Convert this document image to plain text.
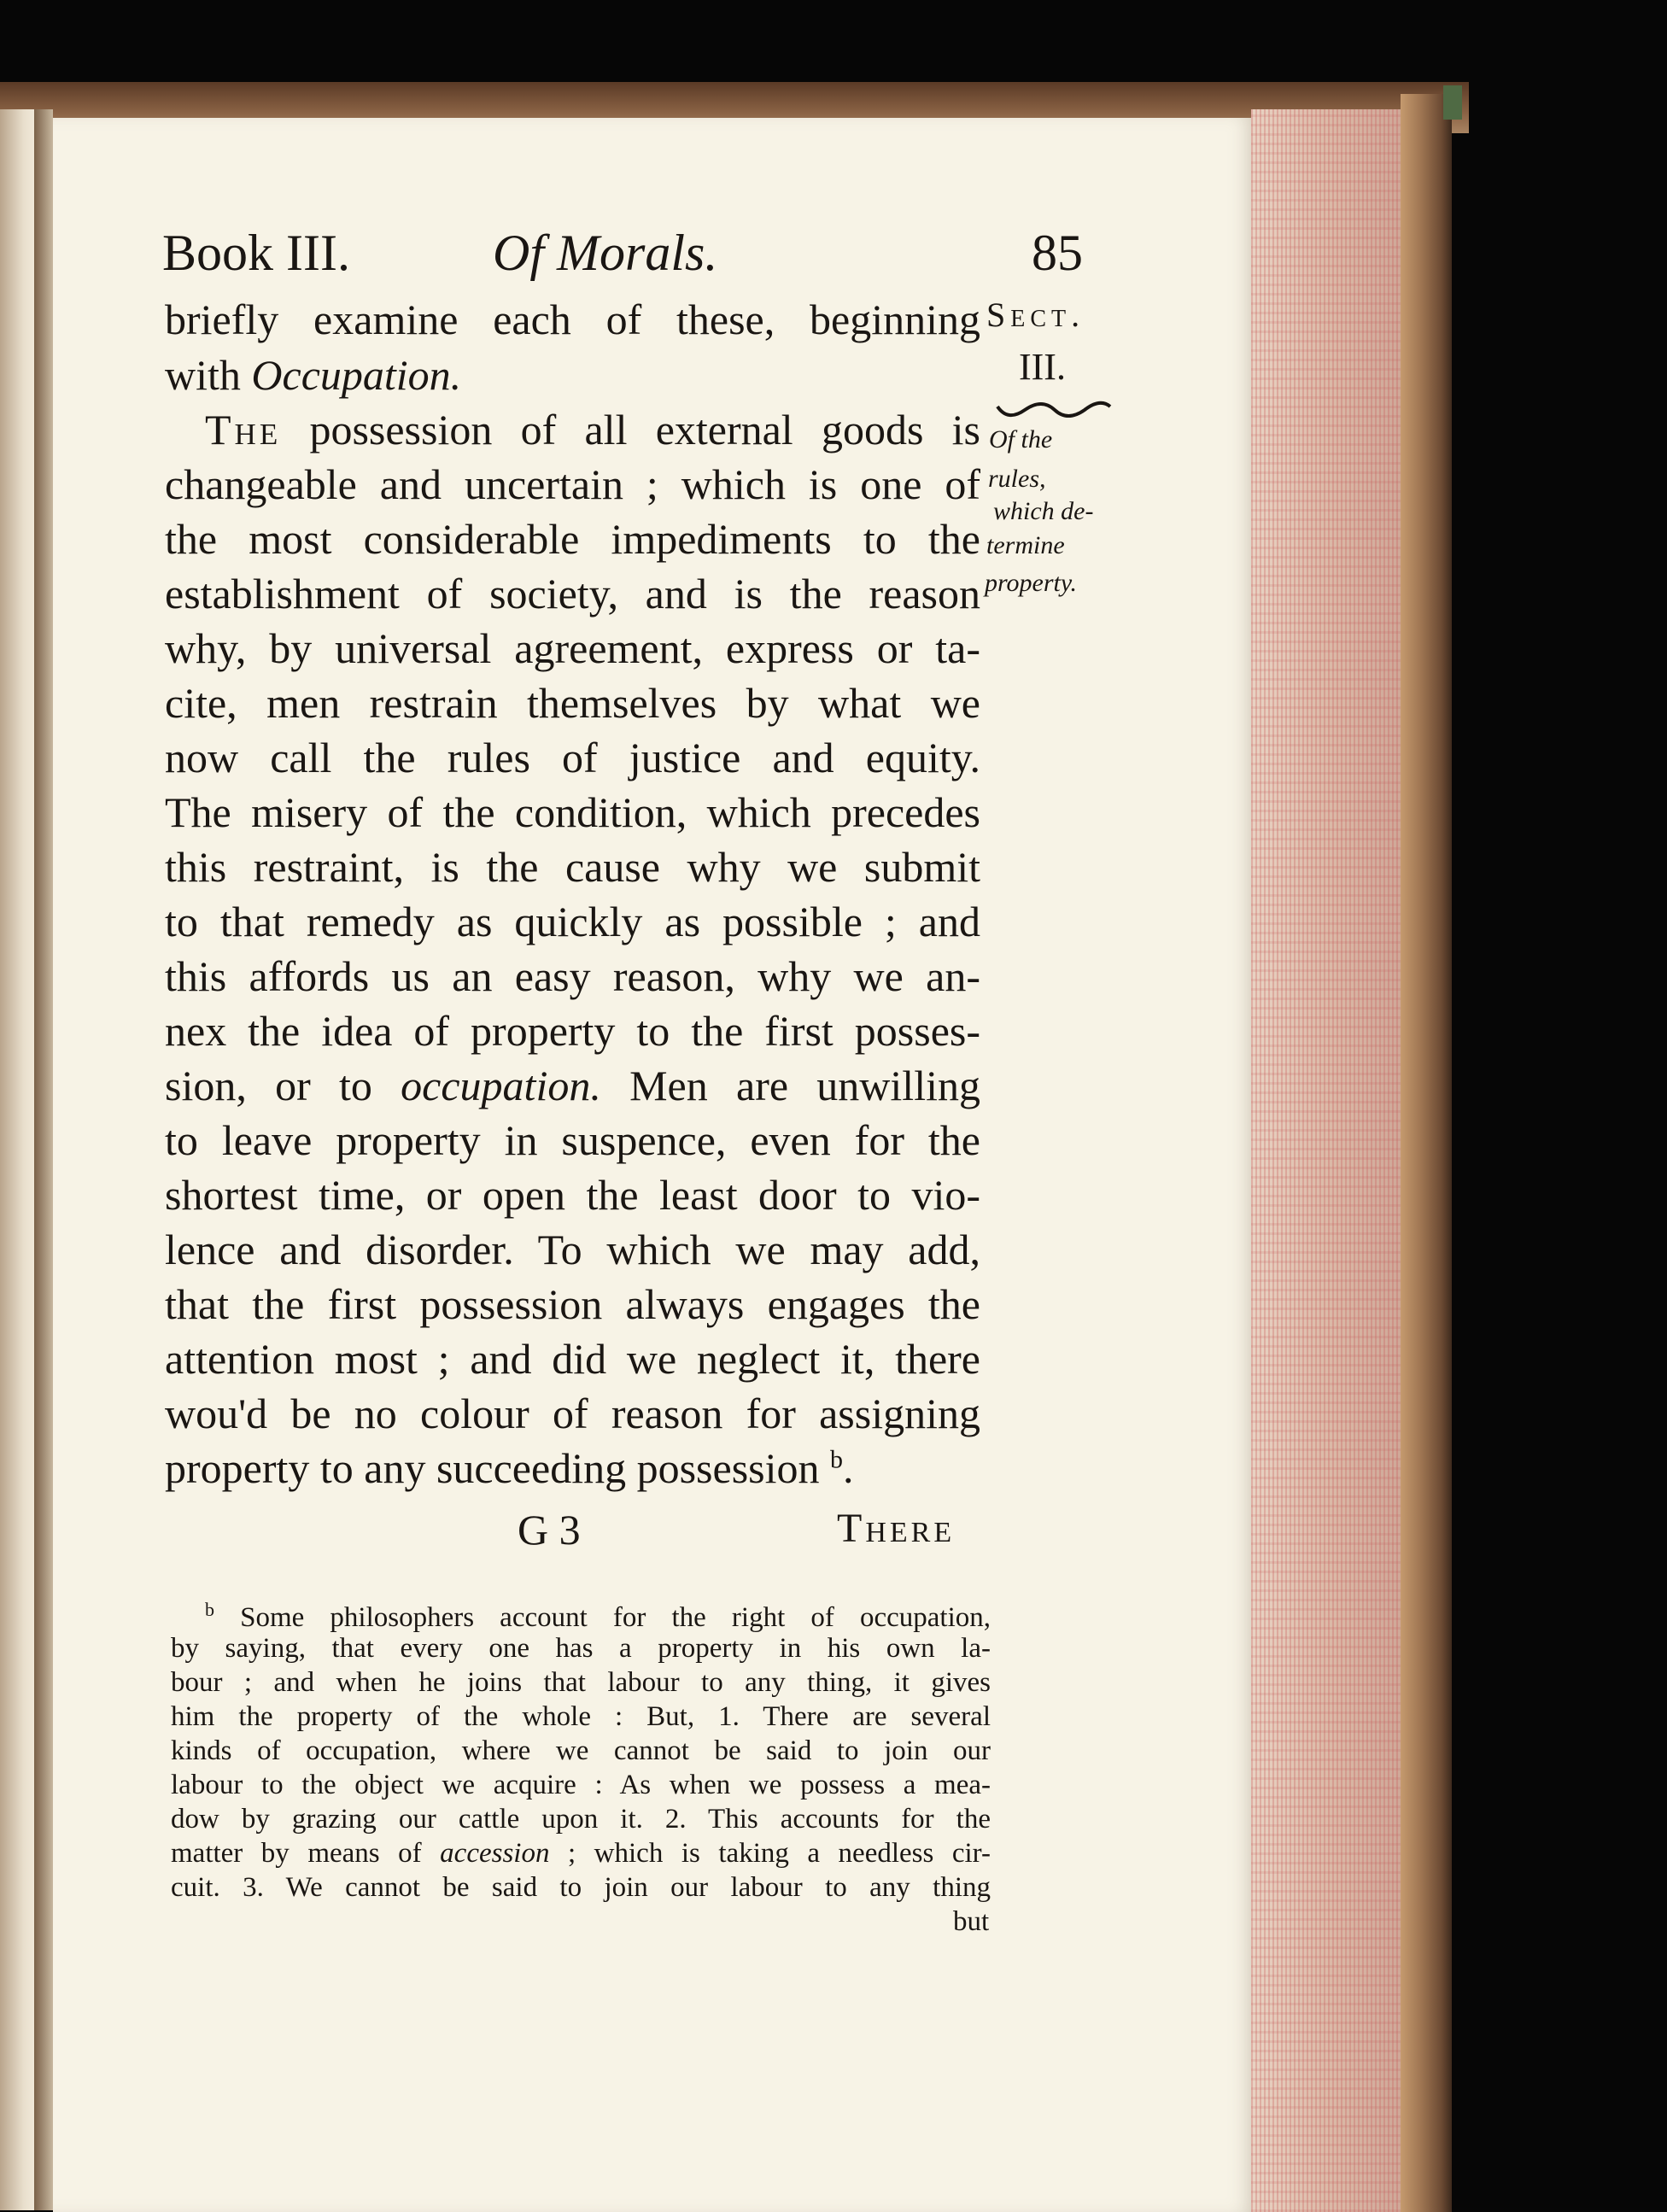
Book III.	Of Morals.	85
Sect.
III.
Of the
rules,
which de-
termine
property.
briefly examine each of these, beginning
with Occupation.
The possession of all external goods is
changeable and uncertain ; which is one of
the most considerable impediments to the
establishment of society, and is the reason
why, by universal agreement, express or ta-
cite, men restrain themselves by what we
now call the rules of justice and equity.
The misery of the condition, which precedes
this restraint, is the cause why we submit
to that remedy as quickly as possible ; and
this affords us an easy reason, why we an-
nex the idea of property to the first posses-
sion, or to occupation. Men are unwilling
to leave property in suspence, even for the
shortest time, or open the least door to vio-
lence and disorder. To which we may add,
that the first possession always engages the
attention most ; and did we neglect it, there
wou'd be no colour of reason for assigning
property to any succeeding possession $^b$.
G 3	There
$^b$ Some philosophers account for the right of occupation,
by saying, that every one has a property in his own la-
bour ; and when he joins that labour to any thing, it gives
him the property of the whole : But, 1. There are several
kinds of occupation, where we cannot be said to join our
labour to the object we acquire : As when we possess a mea-
dow by grazing our cattle upon it. 2. This accounts for the
matter by means of accession ; which is taking a needless cir-
cuit. 3. We cannot be said to join our labour to any thing
but
